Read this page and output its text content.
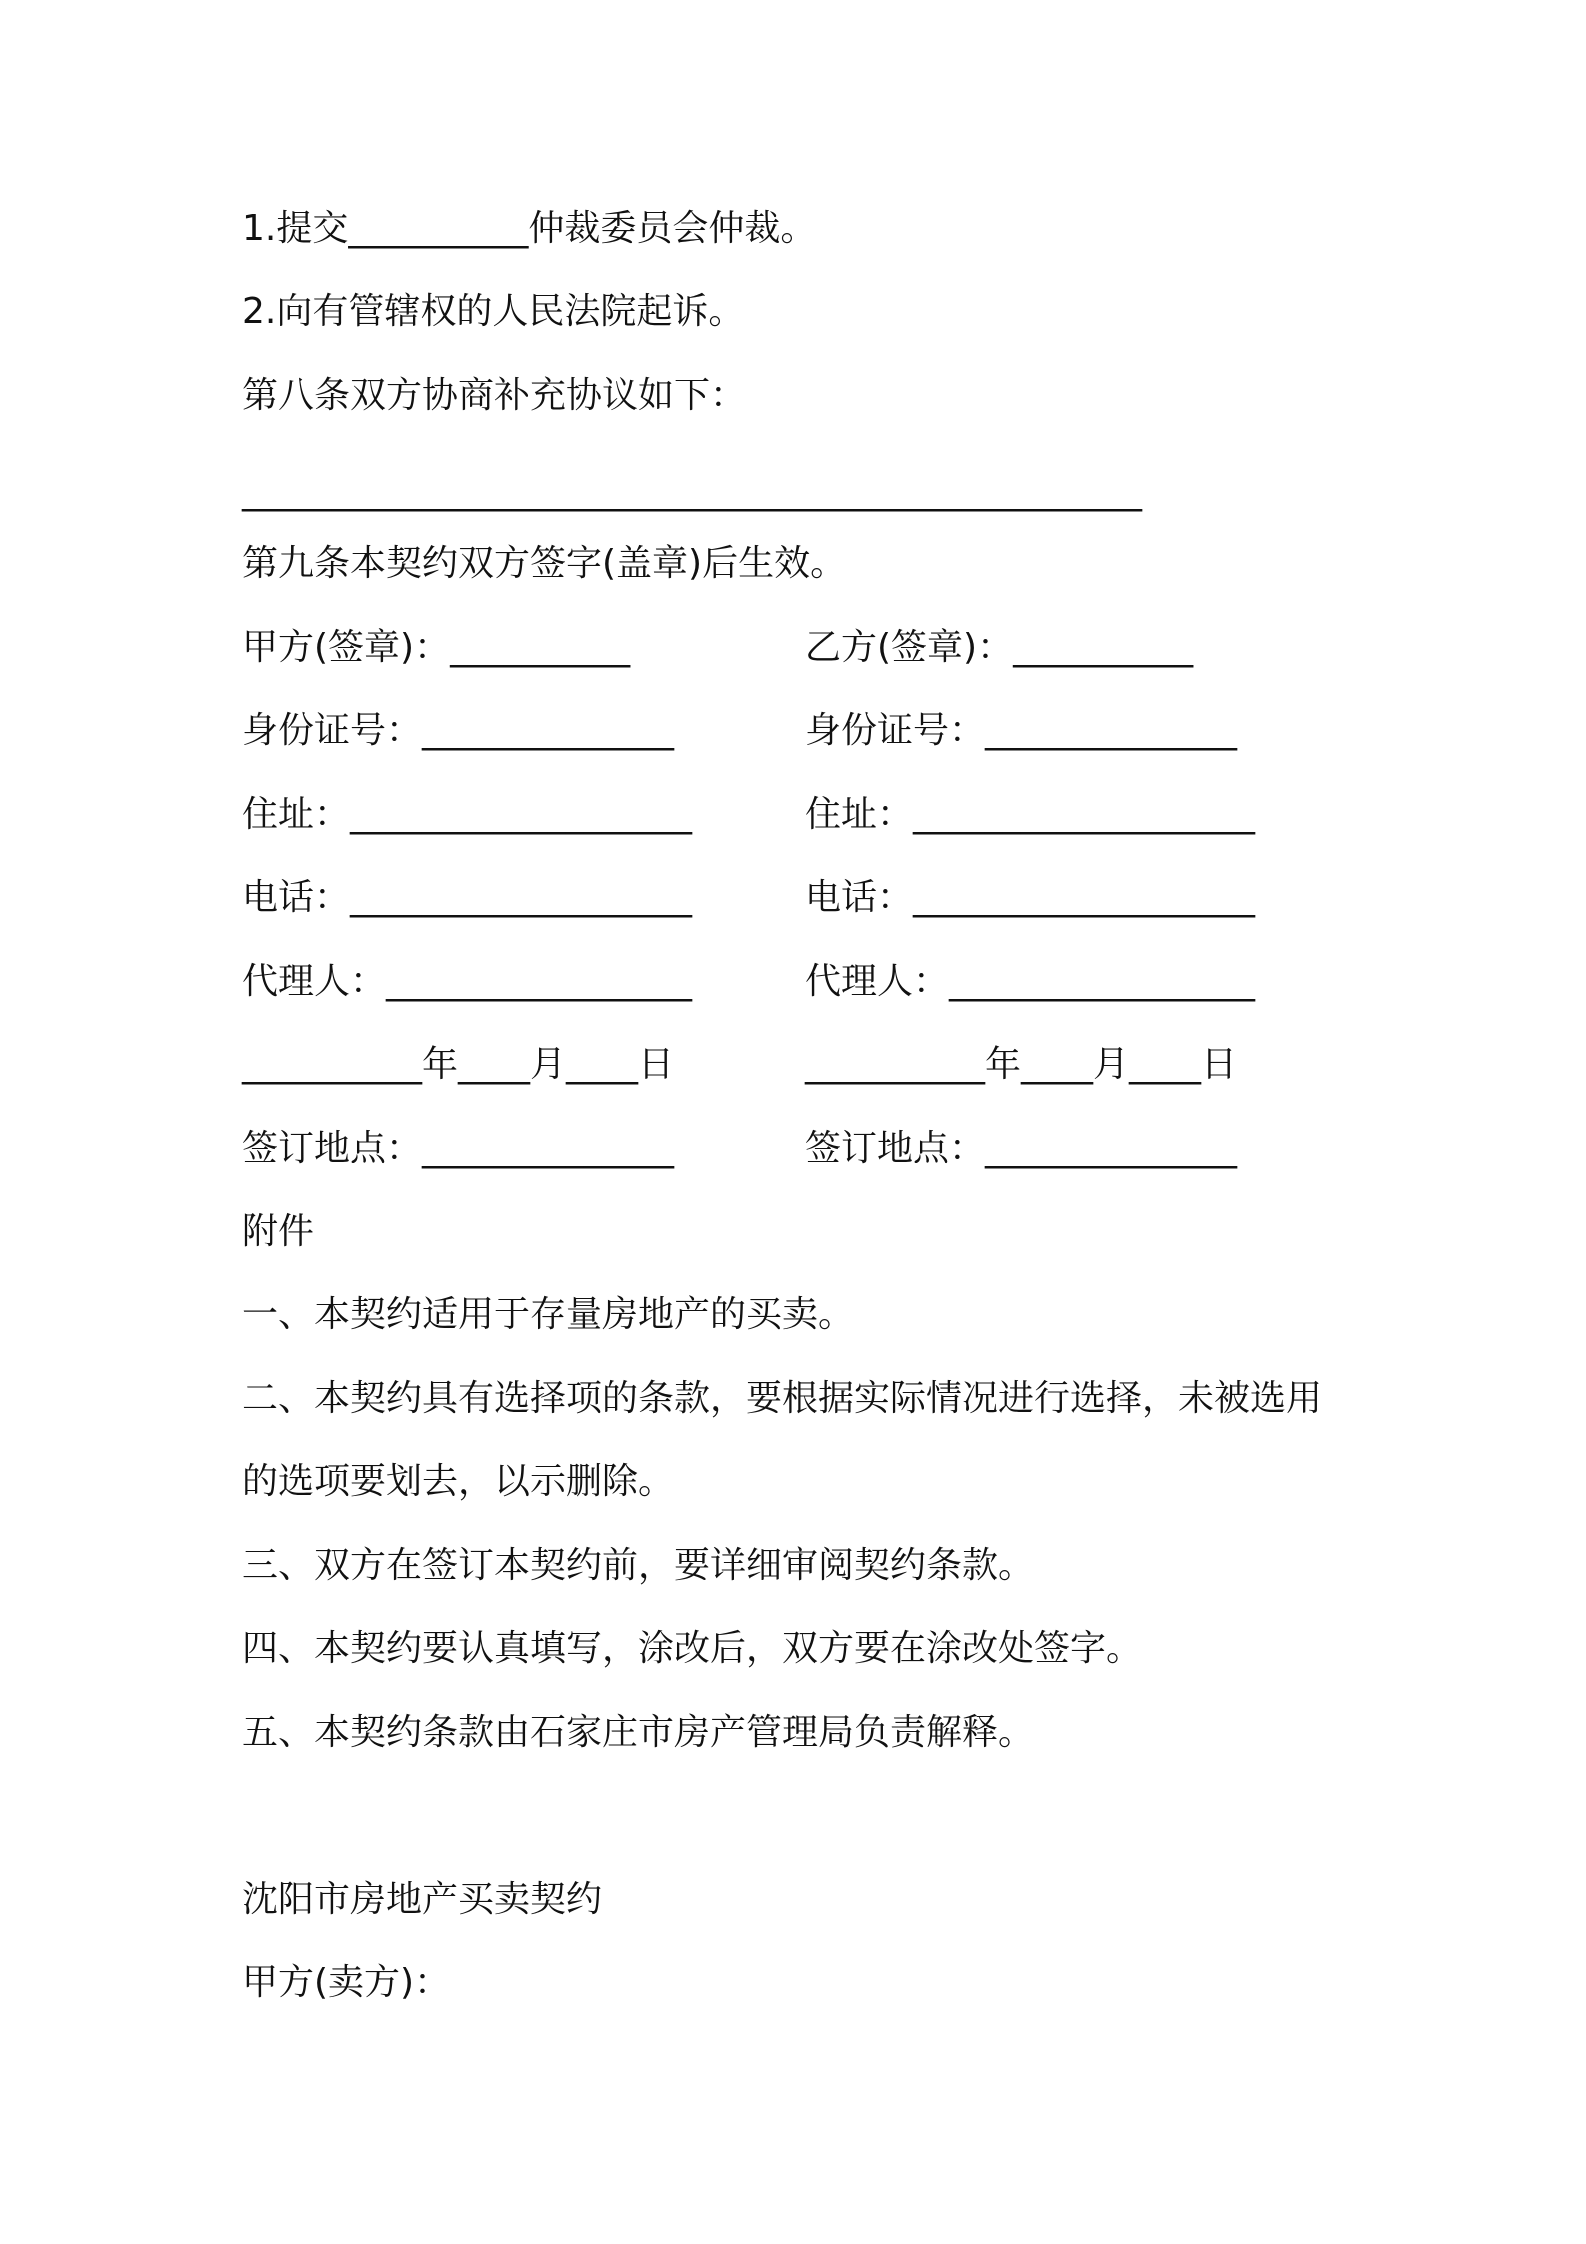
1.提交__________仲裁委员会仲裁。
2.向有管辖权的人民法院起诉。
第八条双方协商补充协议如下：
__________________________________________________
第九条本契约双方签字(盖章)后生效。
甲方(签章)：__________	乙方(签章)：__________
身份证号：______________	身份证号：______________
住址：___________________	住址：___________________
电话：___________________	电话：___________________
代理人：_________________	代理人：_________________
__________年____月____日	__________年____月____日
签订地点：______________	签订地点：______________
附件
一、本契约适用于存量房地产的买卖。
二、本契约具有选择项的条款，要根据实际情况进行选择，未被选用
的选项要划去，以示删除。
三、双方在签订本契约前，要详细审阅契约条款。
四、本契约要认真填写，涂改后，双方要在涂改处签字。
五、本契约条款由石家庄市房产管理局负责解释。
沈阳市房地产买卖契约
甲方(卖方)：
